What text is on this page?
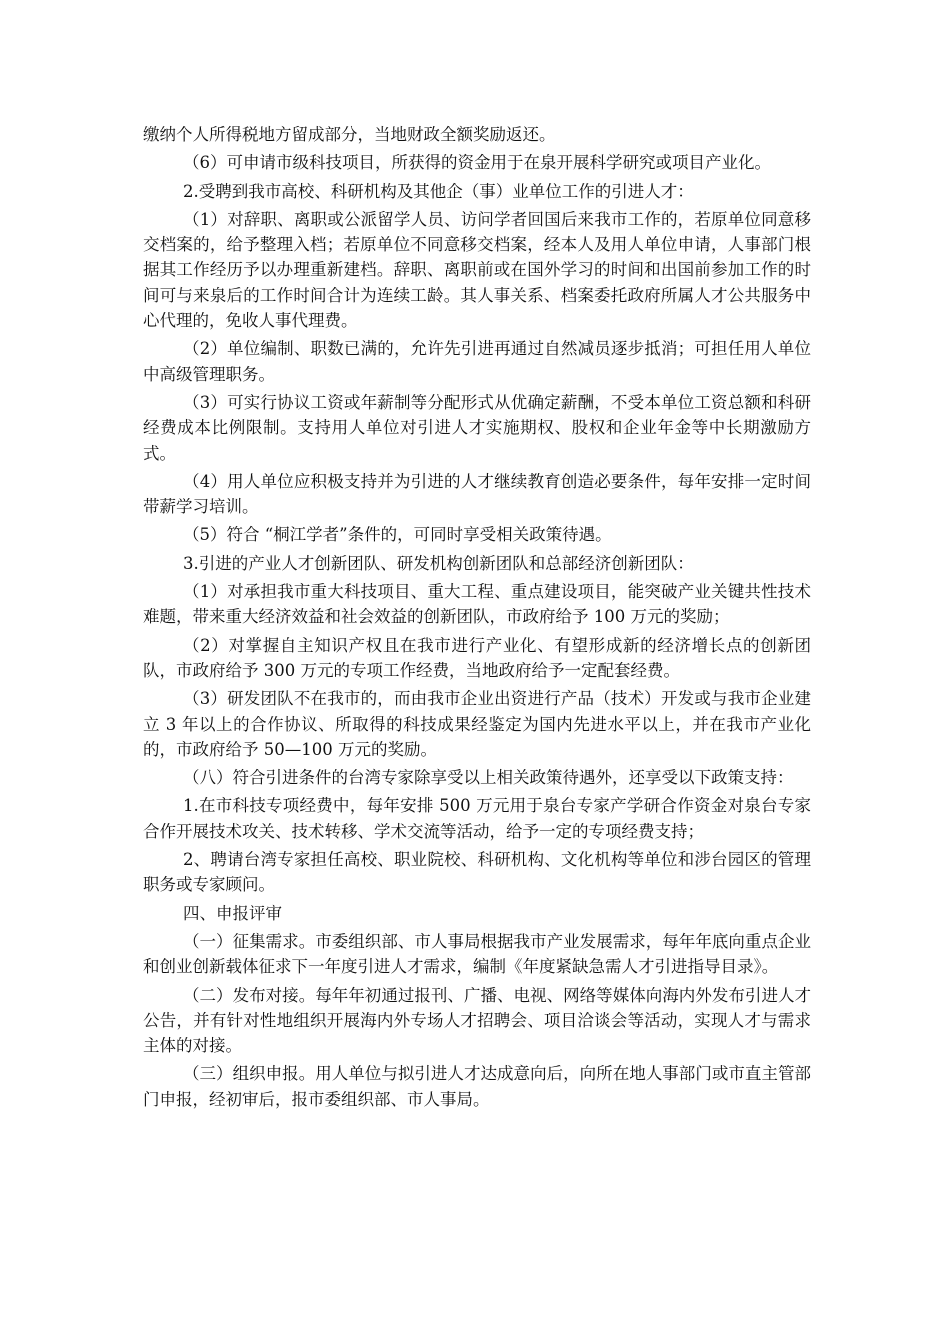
缴纳个人所得税地方留成部分，当地财政全额奖励返还。

（6）可申请市级科技项目，所获得的资金用于在泉开展科学研究或项目产业化。

2.受聘到我市高校、科研机构及其他企（事）业单位工作的引进人才：

（1）对辞职、离职或公派留学人员、访问学者回国后来我市工作的，若原单位同意移交档案的，给予整理入档；若原单位不同意移交档案，经本人及用人单位申请，人事部门根据其工作经历予以办理重新建档。辞职、离职前或在国外学习的时间和出国前参加工作的时间可与来泉后的工作时间合计为连续工龄。其人事关系、档案委托政府所属人才公共服务中心代理的，免收人事代理费。

（2）单位编制、职数已满的，允许先引进再通过自然减员逐步抵消；可担任用人单位中高级管理职务。

（3）可实行协议工资或年薪制等分配形式从优确定薪酬，不受本单位工资总额和科研经费成本比例限制。支持用人单位对引进人才实施期权、股权和企业年金等中长期激励方式。

（4）用人单位应积极支持并为引进的人才继续教育创造必要条件，每年安排一定时间带薪学习培训。

（5）符合 “桐江学者”条件的，可同时享受相关政策待遇。

3.引进的产业人才创新团队、研发机构创新团队和总部经济创新团队：

（1）对承担我市重大科技项目、重大工程、重点建设项目，能突破产业关键共性技术难题，带来重大经济效益和社会效益的创新团队，市政府给予 100 万元的奖励；

（2）对掌握自主知识产权且在我市进行产业化、有望形成新的经济增长点的创新团队，市政府给予 300 万元的专项工作经费，当地政府给予一定配套经费。

（3）研发团队不在我市的，而由我市企业出资进行产品（技术）开发或与我市企业建立 3 年以上的合作协议、所取得的科技成果经鉴定为国内先进水平以上，并在我市产业化的，市政府给予 50—100 万元的奖励。

（八）符合引进条件的台湾专家除享受以上相关政策待遇外，还享受以下政策支持：

1.在市科技专项经费中，每年安排 500 万元用于泉台专家产学研合作资金对泉台专家合作开展技术攻关、技术转移、学术交流等活动，给予一定的专项经费支持；

2、聘请台湾专家担任高校、职业院校、科研机构、文化机构等单位和涉台园区的管理职务或专家顾问。

四、申报评审

（一）征集需求。市委组织部、市人事局根据我市产业发展需求，每年年底向重点企业和创业创新载体征求下一年度引进人才需求，编制《年度紧缺急需人才引进指导目录》。

（二）发布对接。每年年初通过报刊、广播、电视、网络等媒体向海内外发布引进人才公告，并有针对性地组织开展海内外专场人才招聘会、项目洽谈会等活动，实现人才与需求主体的对接。

（三）组织申报。用人单位与拟引进人才达成意向后，向所在地人事部门或市直主管部门申报，经初审后，报市委组织部、市人事局。
